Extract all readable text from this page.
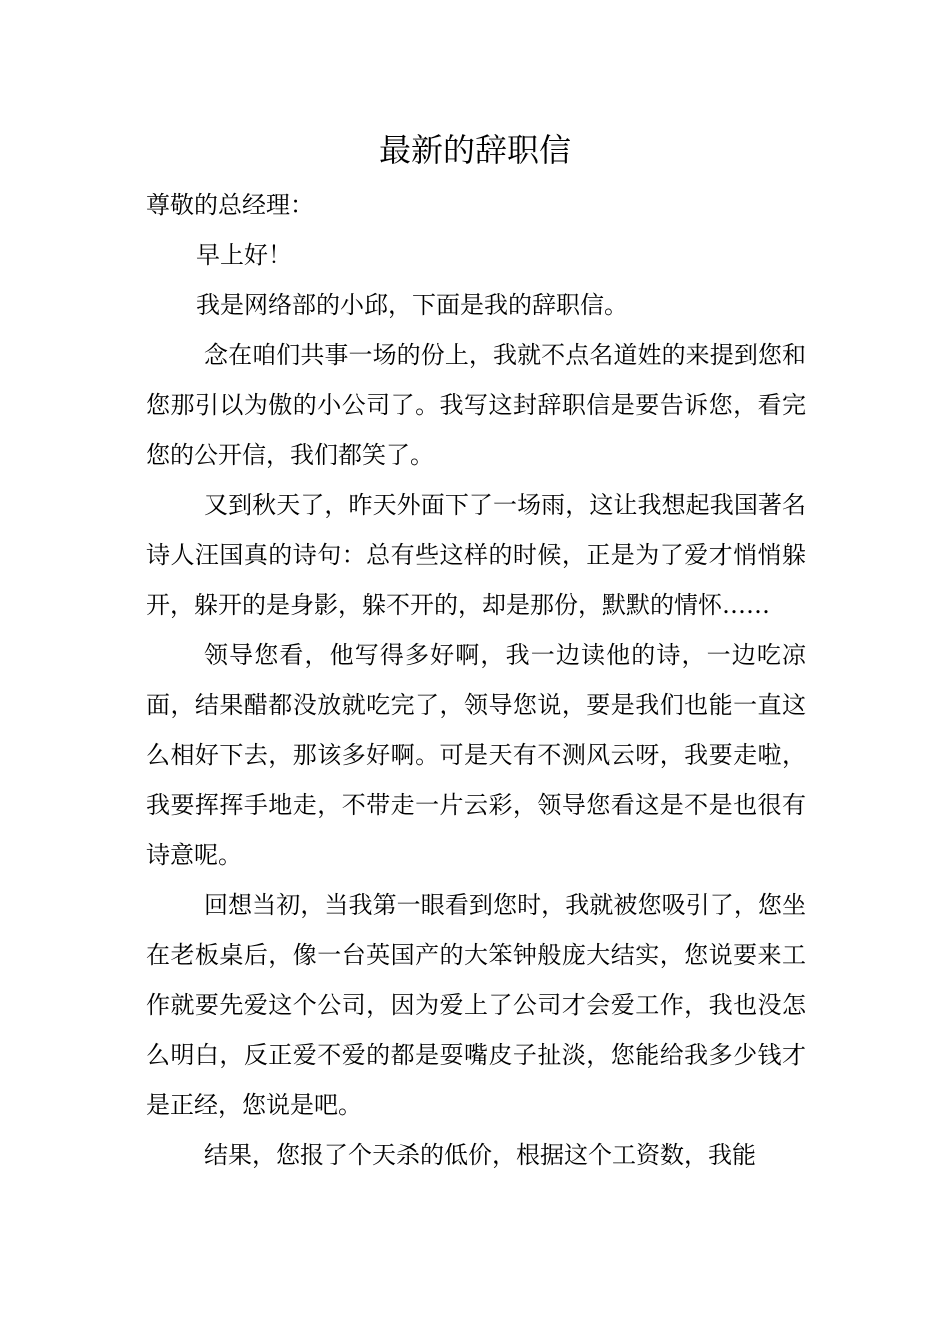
最新的辞职信

尊敬的总经理：

早上好！

我是网络部的小邱，下面是我的辞职信。

念在咱们共事一场的份上，我就不点名道姓的来提到您和您那引以为傲的小公司了。我写这封辞职信是要告诉您，看完您的公开信，我们都笑了。

又到秋天了，昨天外面下了一场雨，这让我想起我国著名诗人汪国真的诗句：总有些这样的时候，正是为了爱才悄悄躲开，躲开的是身影，躲不开的，却是那份，默默的情怀……

领导您看，他写得多好啊，我一边读他的诗，一边吃凉面，结果醋都没放就吃完了，领导您说，要是我们也能一直这么相好下去，那该多好啊。可是天有不测风云呀，我要走啦，我要挥挥手地走，不带走一片云彩，领导您看这是不是也很有诗意呢。

回想当初，当我第一眼看到您时，我就被您吸引了，您坐在老板桌后，像一台英国产的大笨钟般庞大结实，您说要来工作就要先爱这个公司，因为爱上了公司才会爱工作，我也没怎么明白，反正爱不爱的都是耍嘴皮子扯淡，您能给我多少钱才是正经，您说是吧。

结果，您报了个天杀的低价，根据这个工资数，我能
